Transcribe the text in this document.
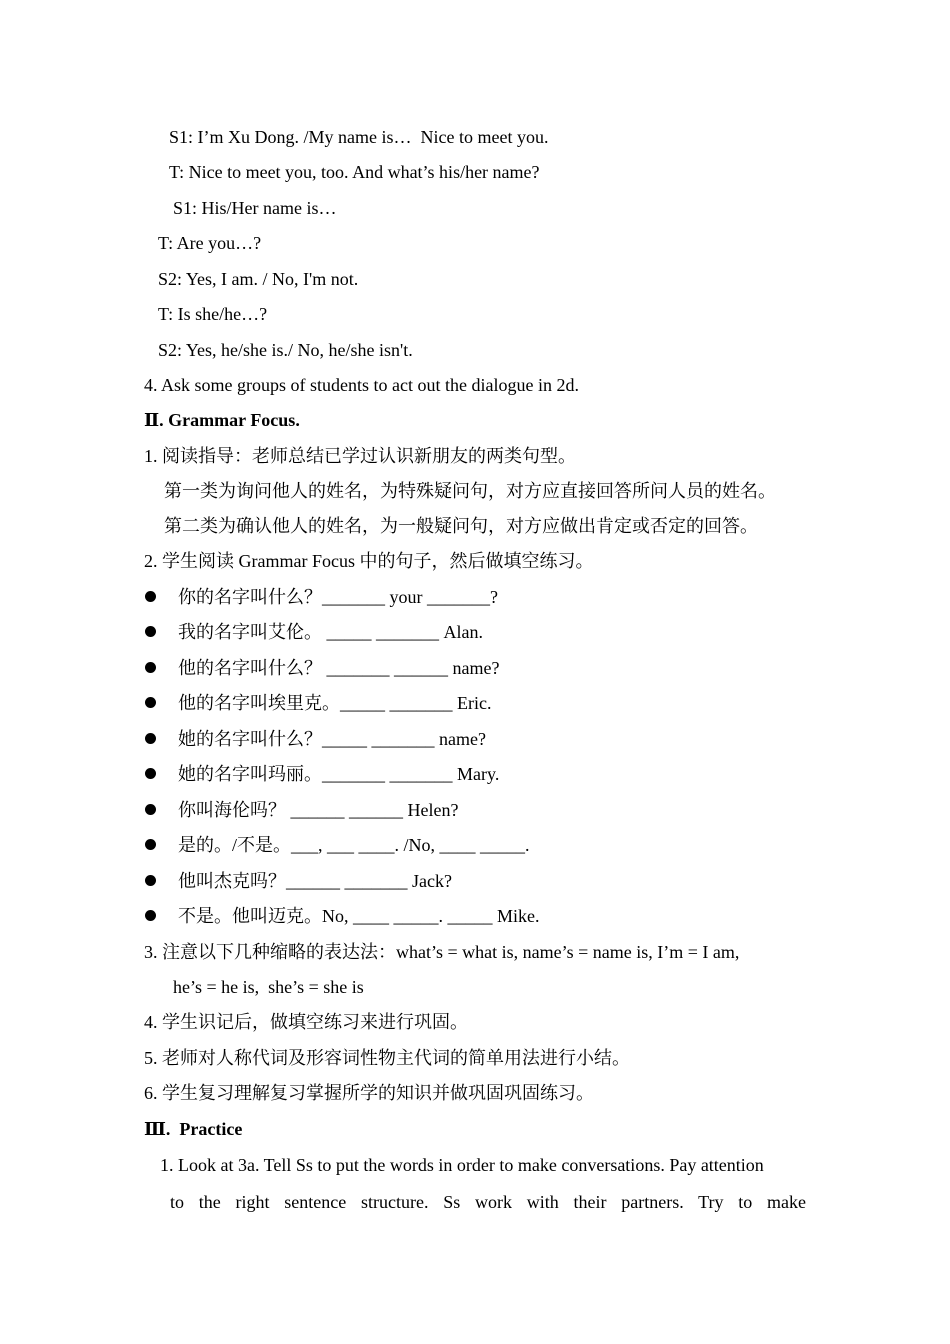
S1: I’m Xu Dong. /My name is…  Nice to meet you.
T: Nice to meet you, too. And what’s his/her name?
S1: His/Her name is…
T: Are you…?
S2: Yes, I am. / No, I'm not.
T: Is she/he…?
S2: Yes, he/she is./ No, he/she isn't.
4. Ask some groups of students to act out the dialogue in 2d.
Ⅱ. Grammar Focus.
1. 阅读指导：老师总结已学过认识新朋友的两类句型。
第一类为询问他人的姓名，为特殊疑问句，对方应直接回答所问人员的姓名。
第二类为确认他人的姓名，为一般疑问句，对方应做出肯定或否定的回答。
2. 学生阅读 Grammar Focus 中的句子，然后做填空练习。
你的名字叫什么？_______ your _______?
我的名字叫艾伦。 _____ _______ Alan.
他的名字叫什么？ _______ ______ name?
他的名字叫埃里克。_____ _______ Eric.
她的名字叫什么？_____ _______ name?
她的名字叫玛丽。_______ _______ Mary.
你叫海伦吗？ ______ ______ Helen?
是的。/不是。___, ___ ____. /No, ____ _____.
他叫杰克吗？______ _______ Jack?
不是。他叫迈克。No, ____ _____. _____ Mike.
3. 注意以下几种缩略的表达法：what’s = what is, name’s = name is, I’m = I am,
he’s = he is,  she’s = she is
4. 学生识记后，做填空练习来进行巩固。
5. 老师对人称代词及形容词性物主代词的简单用法进行小结。
6. 学生复习理解复习掌握所学的知识并做巩固巩固练习。
Ⅲ.  Practice
1. Look at 3a. Tell Ss to put the words in order to make conversations. Pay attention
to the right sentence structure. Ss work with their partners. Try to make
